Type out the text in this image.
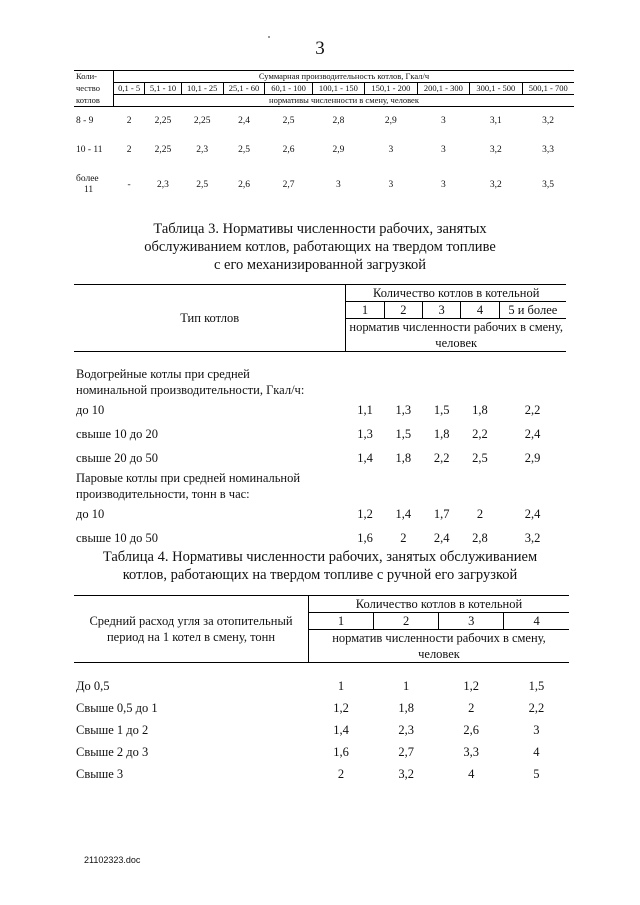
3
Коли-	Суммарная производительность котлов, Гкал/ч									
чество	0,1 - 5	5,1 - 10	10,1 - 25	25,1 - 60	60,1 - 100	100,1 - 150	150,1 - 200	200,1 - 300	300,1 - 500	500,1 - 700
котлов	нормативы численности в смену, человек									
8 - 9	2	2,25	2,25	2,4	2,5	2,8	2,9	3	3,1	3,2
10 - 11	2	2,25	2,3	2,5	2,6	2,9	3	3	3,2	3,3
более
11	-	2,3	2,5	2,6	2,7	3	3	3	3,2	3,5
Таблица 3. Нормативы численности рабочих, занятых
обслуживанием котлов, работающих на твердом топливе
с его механизированной загрузкой
Тип котлов	Количество котлов в котельной				
	1	2	3	4	5 и более

	норматив численности рабочих в смену,
человек				

Водогрейные котлы при средней
номинальной производительности, Гкал/ч:					

до 10	1,1	1,3	1,5	1,8	2,2
свыше 10 до 20	1,3	1,5	1,8	2,2	2,4
свыше 20 до 50	1,4	1,8	2,2	2,5	2,9

Паровые котлы при средней номинальной
производительности, тонн в час:					

до 10	1,2	1,4	1,7	2	2,4
свыше 10 до 50	1,6	2	2,4	2,8	3,2
Таблица 4. Нормативы численности рабочих, занятых обслуживанием
котлов, работающих на твердом топливе с ручной его загрузкой
Средний расход угля за отопительный
период на 1 котел в смену, тонн	Количество котлов в котельной			
	1	2	3	4

	норматив численности рабочих в смену,
человек			

До 0,5	1	1	1,2	1,5
Свыше 0,5 до 1	1,2	1,8	2	2,2
Свыше 1 до 2	1,4	2,3	2,6	3
Свыше 2 до 3	1,6	2,7	3,3	4
Свыше 3	2	3,2	4	5
21102323.doc
